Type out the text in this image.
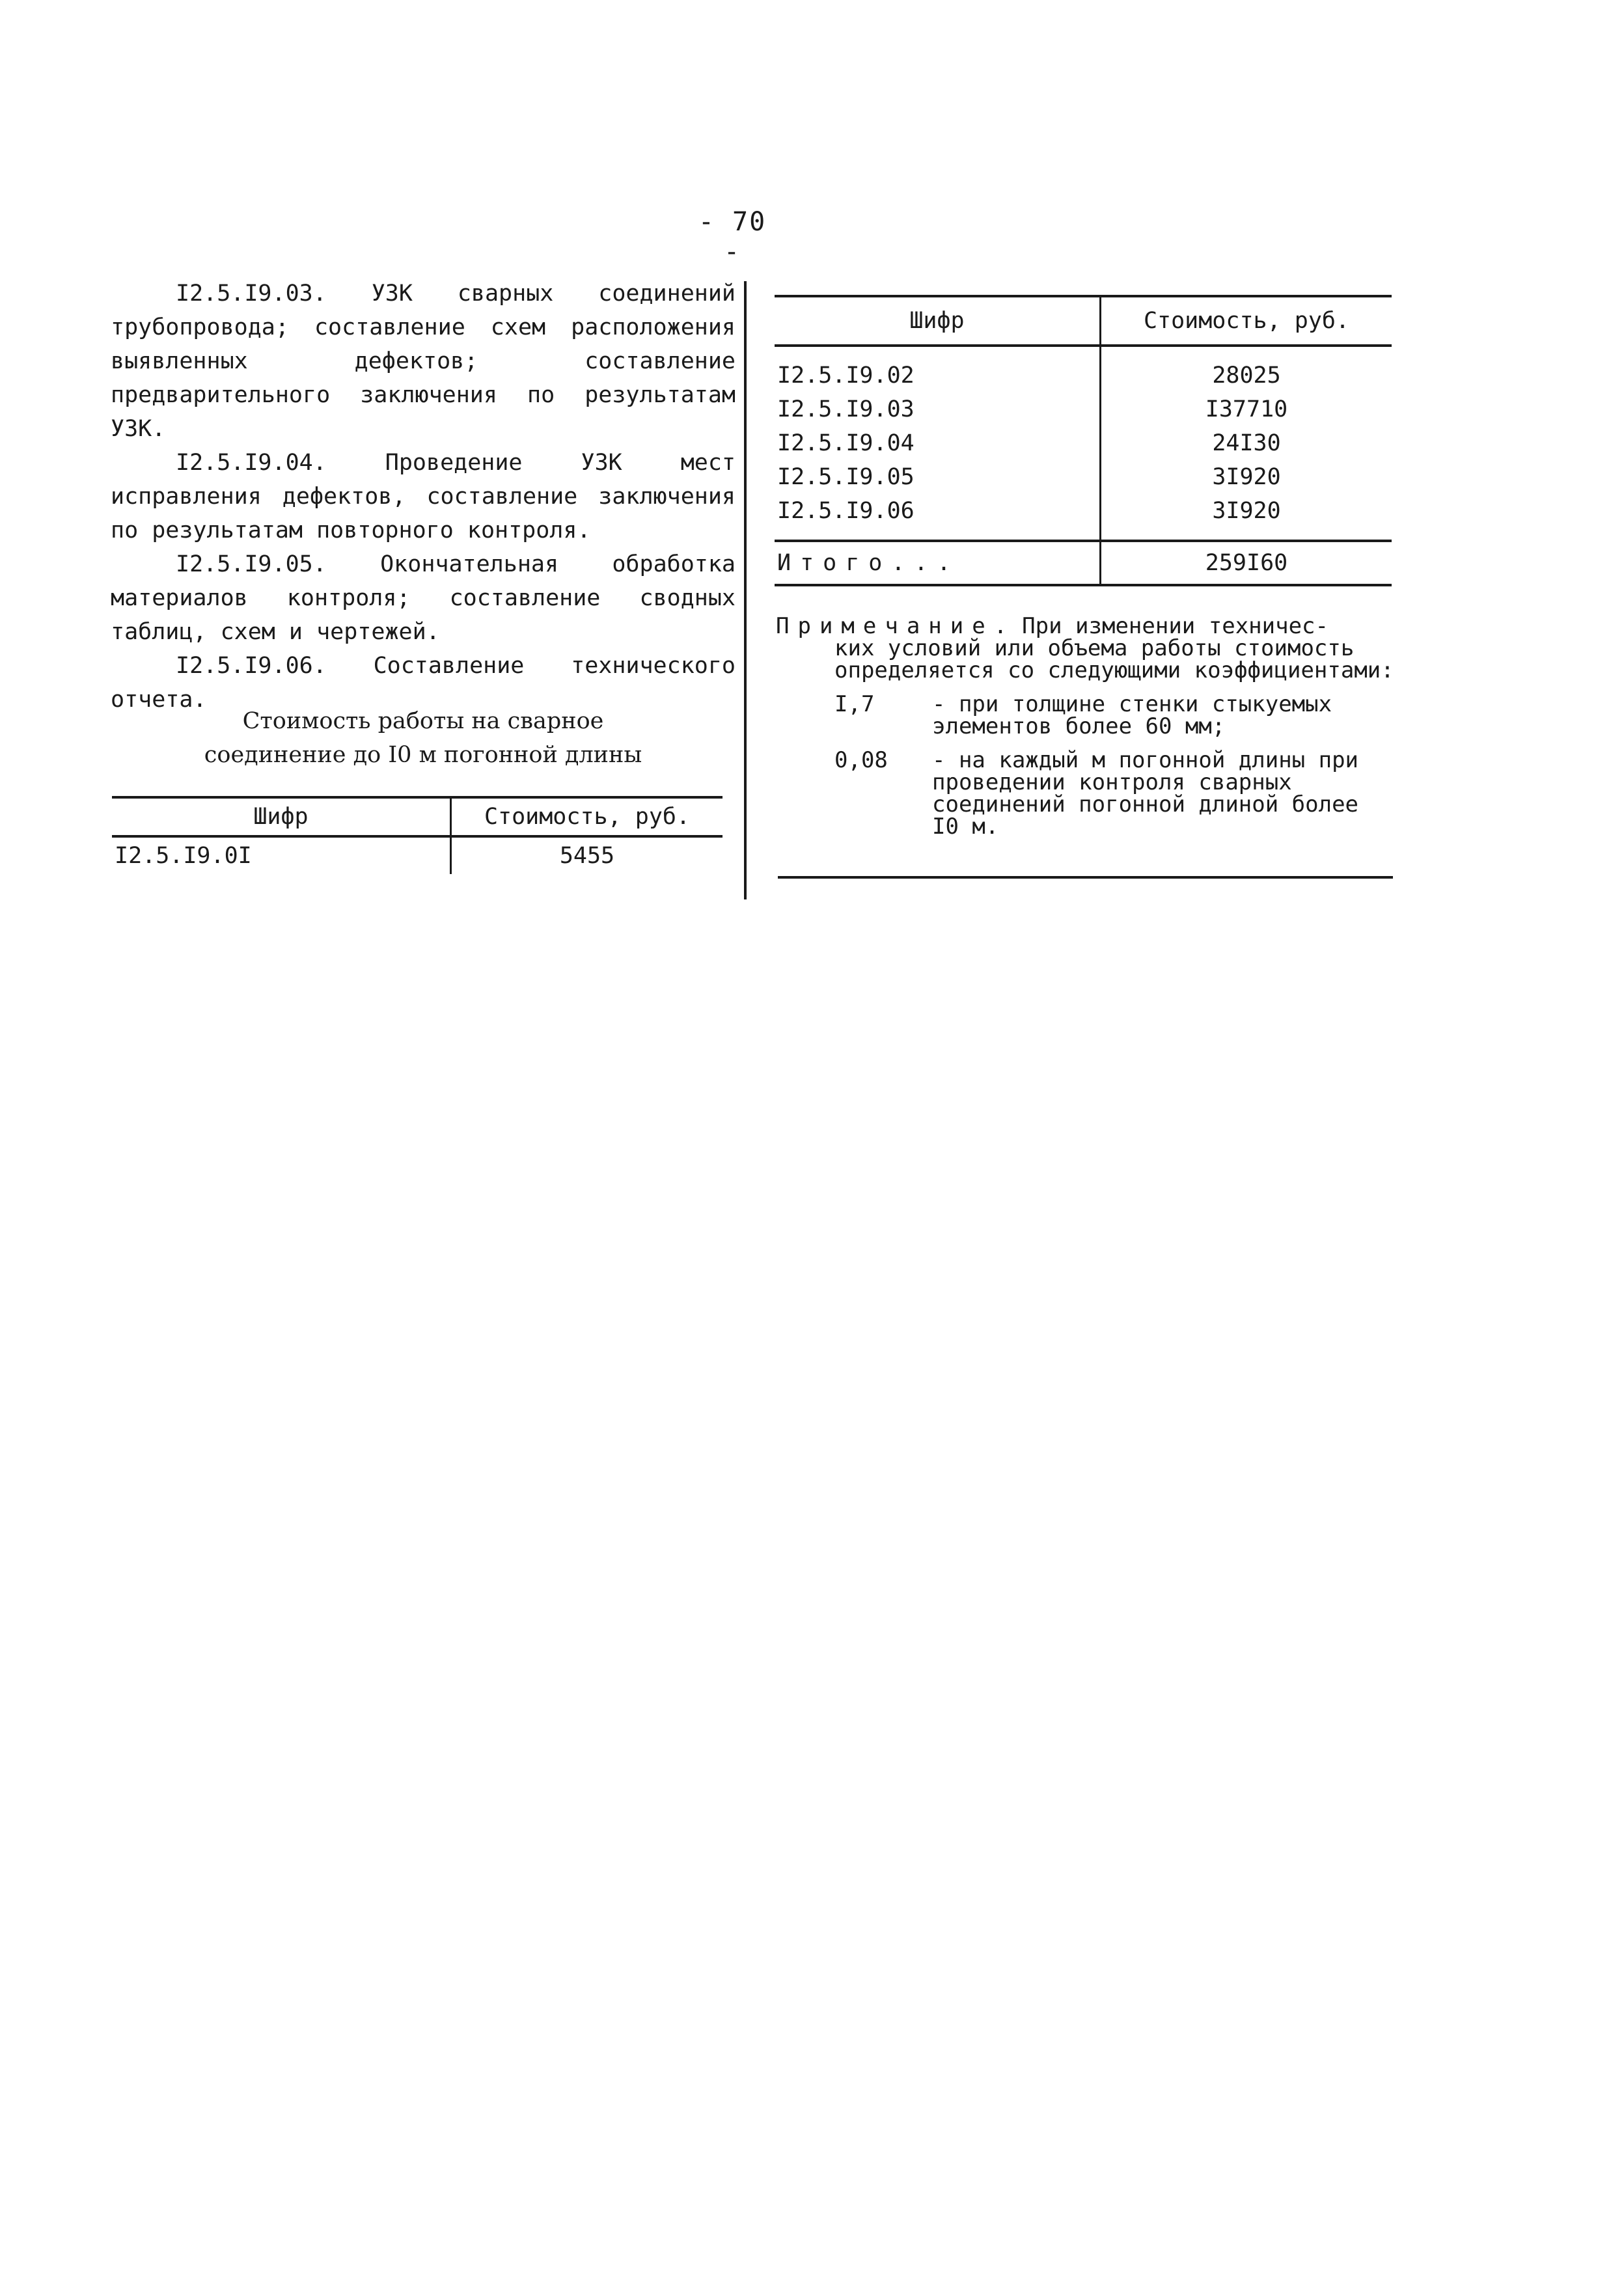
- 70 -

I2.5.I9.03. УЗК сварных соединений трубопровода; составление схем расположения выявленных дефектов; составление предварительного заключения по результатам УЗК.

I2.5.I9.04. Проведение УЗК мест исправления дефектов, составление заключения по результатам повторного контроля.

I2.5.I9.05. Окончательная обработка материалов контроля; составление сводных таблиц, схем и чертежей.

I2.5.I9.06. Составление технического отчета.

Стоимость работы на сварное
соединение до I0 м погонной длины
Шифр	Стоимость, руб.
I2.5.I9.0I	5455
Шифр	Стоимость, руб.
I2.5.I9.02	28025
I2.5.I9.03	I37710
I2.5.I9.04	24I30
I2.5.I9.05	3I920
I2.5.I9.06	3I920
Итого...	259I60
Примечание. При изменении техничес-

ких условий или объема работы стоимость определяется со следующими коэффициентами:

I,7	- при толщине стенки стыкуемых элементов более 60 мм;

0,08	- на каждый м погонной длины при проведении контроля сварных соединений погонной длиной более I0 м.
